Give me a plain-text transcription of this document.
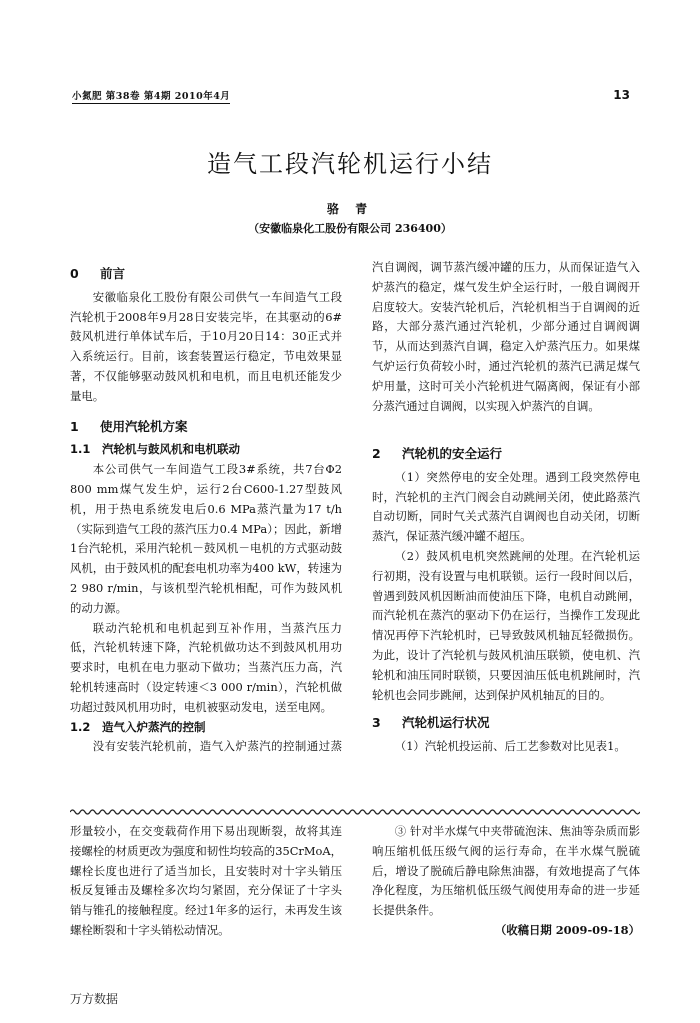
小氮肥 第38卷 第4期 2010年4月	13
造气工段汽轮机运行小结
骆 青
（安徽临泉化工股份有限公司 236400）
0 前言

安徽临泉化工股份有限公司供气一车间造气工段汽轮机于2008年9月28日安装完毕，在其驱动的6#鼓风机进行单体试车后，于10月20日14：30正式并入系统运行。目前，该套装置运行稳定，节电效果显著，不仅能够驱动鼓风机和电机，而且电机还能发少量电。

1 使用汽轮机方案
1.1 汽轮机与鼓风机和电机联动

本公司供气一车间造气工段3#系统，共7台Φ2 800 mm煤气发生炉，运行2台C600-1.27型鼓风机，用于热电系统发电后0.6 MPa蒸汽量为17 t/h（实际到造气工段的蒸汽压力0.4 MPa）；因此，新增1台汽轮机，采用汽轮机－鼓风机－电机的方式驱动鼓风机，由于鼓风机的配套电机功率为400 kW，转速为2 980 r/min，与该机型汽轮机相配，可作为鼓风机的动力源。

联动汽轮机和电机起到互补作用，当蒸汽压力低，汽轮机转速下降，汽轮机做功达不到鼓风机用功要求时，电机在电力驱动下做功；当蒸汽压力高，汽轮机转速高时（设定转速＜3 000 r/min），汽轮机做功超过鼓风机用功时，电机被驱动发电，送至电网。

1.2 造气入炉蒸汽的控制

没有安装汽轮机前，造气入炉蒸汽的控制通过蒸

汽自调阀，调节蒸汽缓冲罐的压力，从而保证造气入炉蒸汽的稳定，煤气发生炉全运行时，一般自调阀开启度较大。安装汽轮机后，汽轮机相当于自调阀的近路，大部分蒸汽通过汽轮机，少部分通过自调阀调节，从而达到蒸汽自调，稳定入炉蒸汽压力。如果煤气炉运行负荷较小时，通过汽轮机的蒸汽已满足煤气炉用量，这时可关小汽轮机进气隔离阀，保证有小部分蒸汽通过自调阀，以实现入炉蒸汽的自调。

2 汽轮机的安全运行

（1）突然停电的安全处理。遇到工段突然停电时，汽轮机的主汽门阀会自动跳闸关闭，使此路蒸汽自动切断，同时气关式蒸汽自调阀也自动关闭，切断蒸汽，保证蒸汽缓冲罐不超压。

（2）鼓风机电机突然跳闸的处理。在汽轮机运行初期，没有设置与电机联锁。运行一段时间以后，曾遇到鼓风机因断油而使油压下降，电机自动跳闸，而汽轮机在蒸汽的驱动下仍在运行，当操作工发现此情况再停下汽轮机时，已导致鼓风机轴瓦轻微损伤。为此，设计了汽轮机与鼓风机油压联锁，使电机、汽轮机和油压同时联锁，只要因油压低电机跳闸时，汽轮机也会同步跳闸，达到保护风机轴瓦的目的。

3 汽轮机运行状况

（1）汽轮机投运前、后工艺参数对比见表1。

形量较小，在交变载荷作用下易出现断裂，故将其连接螺栓的材质更改为强度和韧性均较高的35CrMoA，螺栓长度也进行了适当加长，且安装时对十字头销压板反复锤击及螺栓多次均匀紧固，充分保证了十字头销与锥孔的接触程度。经过1年多的运行，未再发生该螺栓断裂和十字头销松动情况。

③ 针对半水煤气中夹带硫泡沫、焦油等杂质而影响压缩机低压级气阀的运行寿命，在半水煤气脱硫后，增设了脱硫后静电除焦油器，有效地提高了气体净化程度，为压缩机低压级气阀使用寿命的进一步延长提供条件。

（收稿日期 2009-09-18）

万方数据
